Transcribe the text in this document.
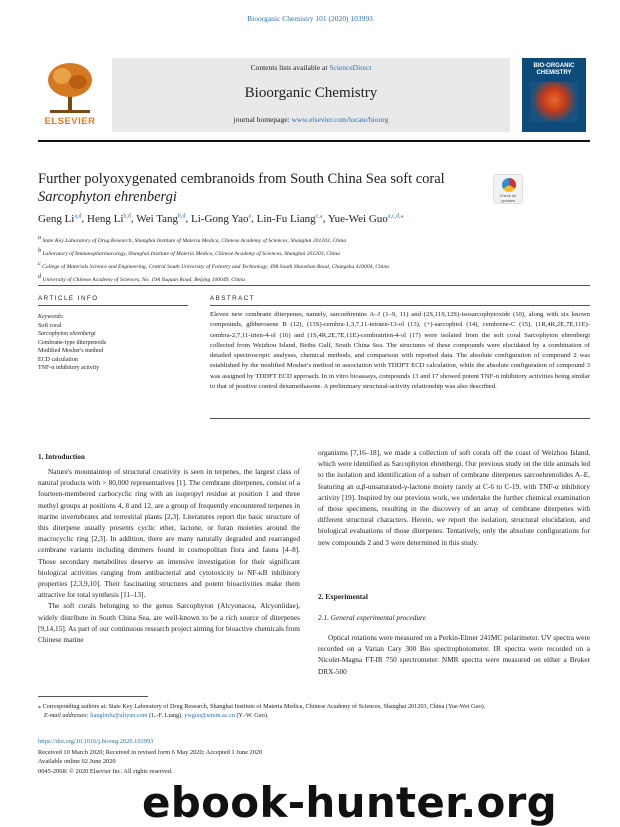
Bioorganic Chemistry 101 (2020) 103993
ELSEVIER
Contents lists available at ScienceDirect
Bioorganic Chemistry
journal homepage: www.elsevier.com/locate/bioorg
BIO-ORGANIC CHEMISTRY
Further polyoxygenated cembranoids from South China Sea soft coral
Sarcophyton ehrenbergi	Check for updates
Geng Li$^{a,d}$, Heng Li$^{b,d}$, Wei Tang$^{b,d}$, Li-Gong Yao$^a$, Lin-Fu Liang$^{c,⁎}$, Yue-Wei Guo$^{a,c,d,⁎}$
$^a$ State Key Laboratory of Drug Research, Shanghai Institute of Materia Medica, Chinese Academy of Sciences, Shanghai 201203, China
$^b$ Laboratory of Immunopharmacology, Shanghai Institute of Materia Medica, Chinese Academy of Sciences, Shanghai 201203, China
$^c$ College of Materials Science and Engineering, Central South University of Forestry and Technology, 498 South Shaoshan Road, Changsha 410004, China
$^d$ University of Chinese Academy of Sciences, No. 19A Yuquan Road, Beijing 100049, China
ARTICLE INFO
Keywords:
Soft coral
Sarcophyton ehrenbergi
Cembrane-type diterpenoids
Modified Mosher's method
ECD calculation
TNF-α inhibitory activity
ABSTRACT
Eleven new cembrane diterpenes, namely, sarcoehrenins A–J (1–9, 11) and (2S,11S,12S)-isosarcophytoxide (10), along with six known compounds, gibberosene B (12), (13S)-cembra-1,3,7,11-tetraen-13-ol (13), (+)-sarcophtol (14), cembrene-C (15), (1R,4R,2E,7E,11E)-cembra-2,7,11-trien-4-ol (16) and (1S,4R,2E,7E,11E)-cembratrien-4-ol (17) were isolated from the soft coral Sarcophyton ehrenbergi collected from Weizhou Island, Beibu Gulf, South China Sea. The structures of these compounds were elucidated by a combination of detailed spectroscopic analyses, chemical methods, and comparison with reported data. The absolute configuration of compound 2 was established by the modified Mosher's method in association with TDDFT ECD calculation, while the absolute configuration of compound 3 was assigned by TDDFT ECD approach. In in vitro bioassays, compounds 13 and 17 showed potent TNF-α inhibitory activities being similar to that of positive control dexamethasone. A preliminary structural-activity relationship was also described.
1. Introduction

Nature's mountaintop of structural creativity is seen in terpenes, the largest class of natural products with > 80,000 representatives [1]. The cembrane diterpenes, consist of a fourteen-membered carbocyclic ring with an isopropyl residue at position 1 and three methyl groups at positions 4, 8 and 12, are a group of frequently encountered terpenes in marine invertebrates and terrestrial plants [2,3]. Literatures report the basic structure of this diterpene usually presents cyclic ether, lactone, or furan moieties around the macrocyclic ring [2,3]. In addition, there are many naturally degraded and rearranged cembrane variants including dimmers found in cosmopolitan flora and fauna [4–8]. Those secondary metabolites deserve an intensive investigation for their significant biological activities ranging from antibacterial and cytotoxicity to NF-κB inhibitory properties [2,3,9,10]. Their fascinating structures and potent bioactivities make them attractive for total synthesis [11–13].

The soft corals belonging to the genus Sarcophyton (Alcyonacea, Alcyoniidae), widely distribute in South China Sea, are well-known to be a rich source of diterpenes [9,14,15]. As part of our continuous research project aiming for bioactive chemicals from Chinese marine

organisms [7,16–18], we made a collection of soft corals off the coast of Weizhou Island, which were identified as Sarcophyton ehrenbergi. Our previous study on the title animals led to the isolation and identification of a subset of cembrane diterpenes sarcoehrenolides A–E, featuring an α,β-unsaturated-γ-lactone moiety rarely at C-6 to C-19, with TNF-α inhibitory activity [19]. Inspired by our previous work, we undertake the further chemical examination of those specimens, resulting in the discovery of an array of cembrane diterpenes with different structural characters. Herein, we report the isolation, structural elucidation, and biological evaluations of those diterpenes. Tentatively, only the absolute configurations for new compounds 2 and 3 were determined in this study.
2. Experimental
2.1. General experimental procedure

Optical rotations were measured on a Perkin-Elmer 241MC polarimeter. UV spectra were recorded on a Varian Cary 300 Bio spectrophotometer. IR spectra were recorded on a Nicolet-Magna FT-IR 750 spectrometer. NMR spectra were measured on either a Bruker DRX-500

⁎ Corresponding authors at: State Key Laboratory of Drug Research, Shanghai Institute of Materia Medica, Chinese Academy of Sciences, Shanghai 201203, China (Yue-Wei Guo).
E-mail addresses: lianglinfu@aliyun.com (L.-F. Liang), ywguo@simm.ac.cn (Y.-W. Guo).
https://doi.org/10.1016/j.bioorg.2020.103993
Received 10 March 2020; Received in revised form 6 May 2020; Accepted 1 June 2020
Available online 02 June 2020
0045-2068/ © 2020 Elsevier Inc. All rights reserved.
ebook-hunter.org
